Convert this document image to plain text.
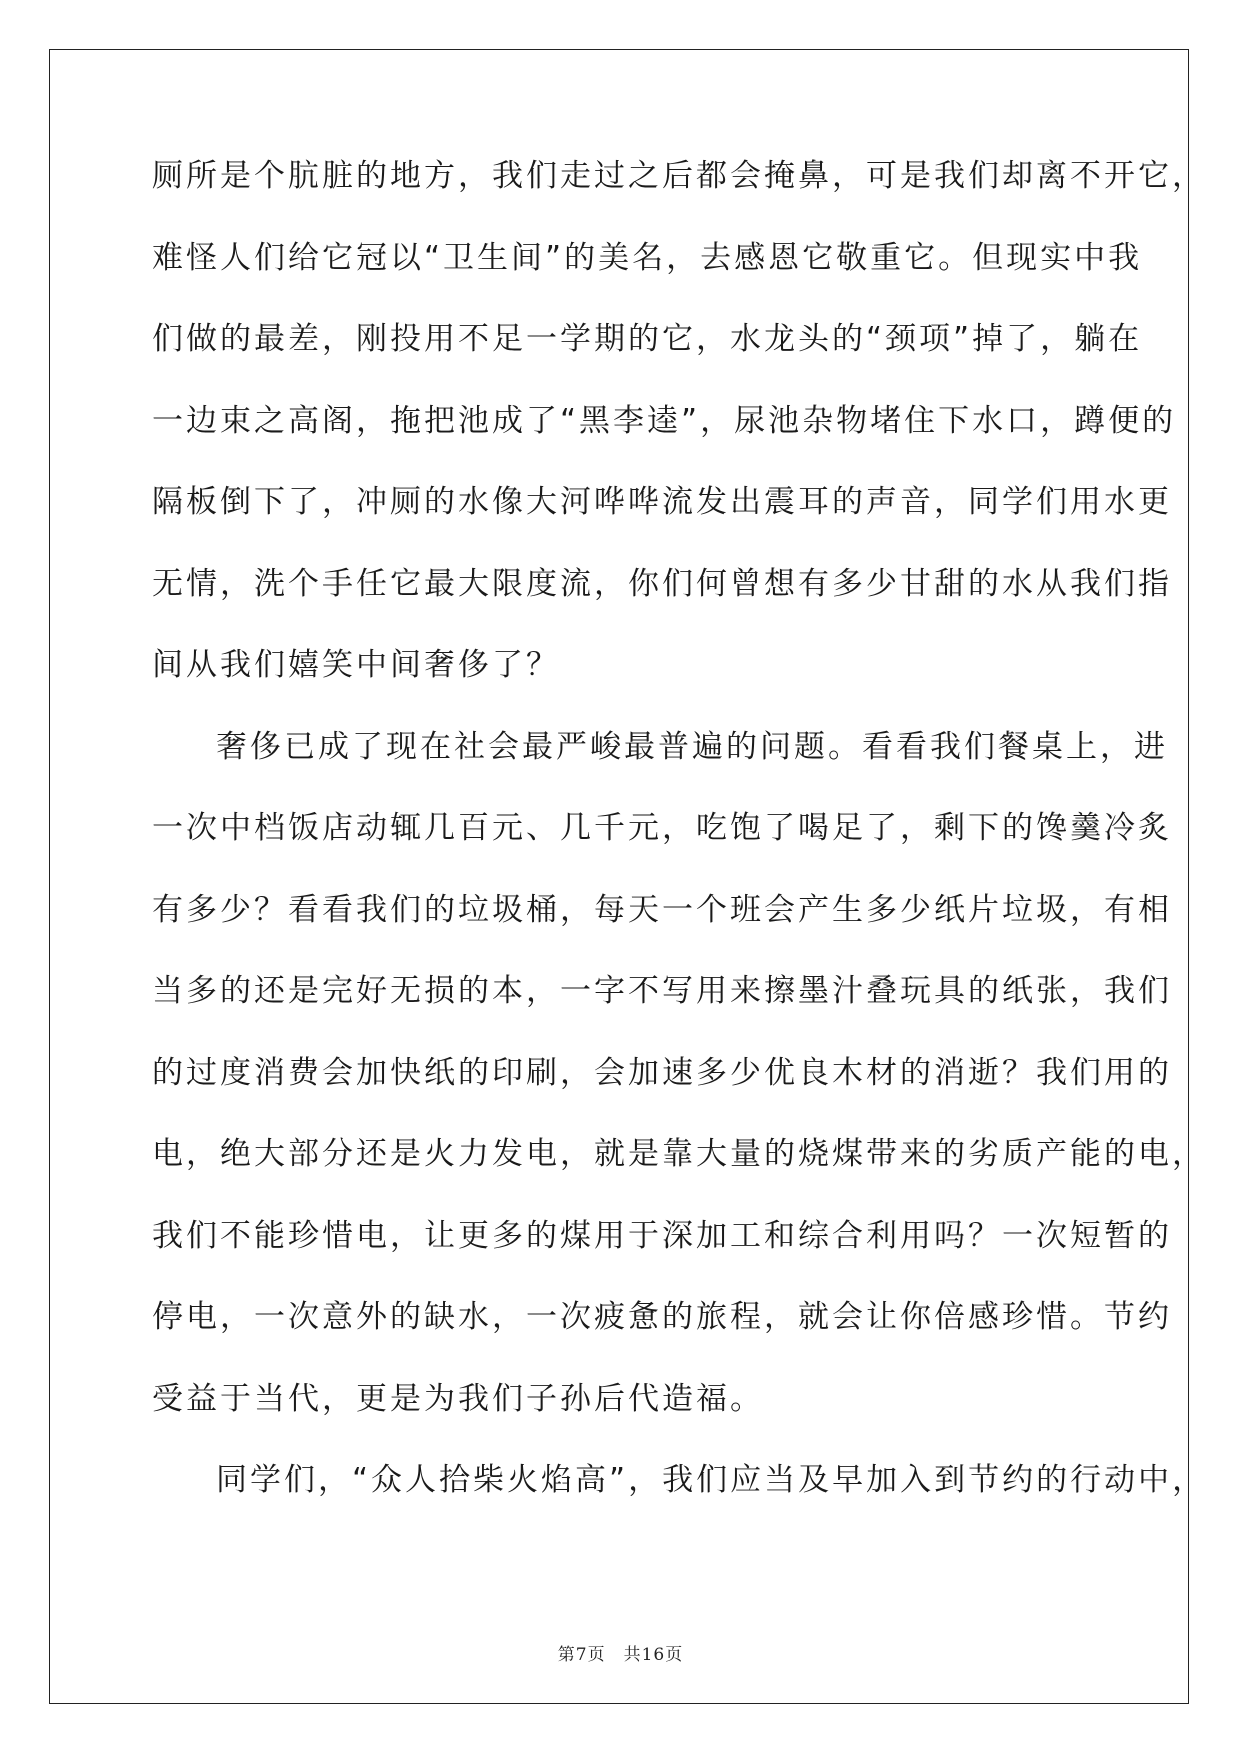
厕所是个肮脏的地方，我们走过之后都会掩鼻，可是我们却离不开它，
难怪人们给它冠以“卫生间”的美名，去感恩它敬重它。但现实中我
们做的最差，刚投用不足一学期的它，水龙头的“颈项”掉了，躺在
一边束之高阁，拖把池成了“黑李逵”，尿池杂物堵住下水口，蹲便的
隔板倒下了，冲厕的水像大河哗哗流发出震耳的声音，同学们用水更
无情，洗个手任它最大限度流，你们何曾想有多少甘甜的水从我们指
间从我们嬉笑中间奢侈了？
奢侈已成了现在社会最严峻最普遍的问题。看看我们餐桌上，进
一次中档饭店动辄几百元、几千元，吃饱了喝足了，剩下的馋羹冷炙
有多少？看看我们的垃圾桶，每天一个班会产生多少纸片垃圾，有相
当多的还是完好无损的本，一字不写用来擦墨汁叠玩具的纸张，我们
的过度消费会加快纸的印刷，会加速多少优良木材的消逝？我们用的
电，绝大部分还是火力发电，就是靠大量的烧煤带来的劣质产能的电，
我们不能珍惜电，让更多的煤用于深加工和综合利用吗？一次短暂的
停电，一次意外的缺水，一次疲惫的旅程，就会让你倍感珍惜。节约
受益于当代，更是为我们子孙后代造福。
同学们，“众人拾柴火焰高”，我们应当及早加入到节约的行动中，
第7页 共16页
